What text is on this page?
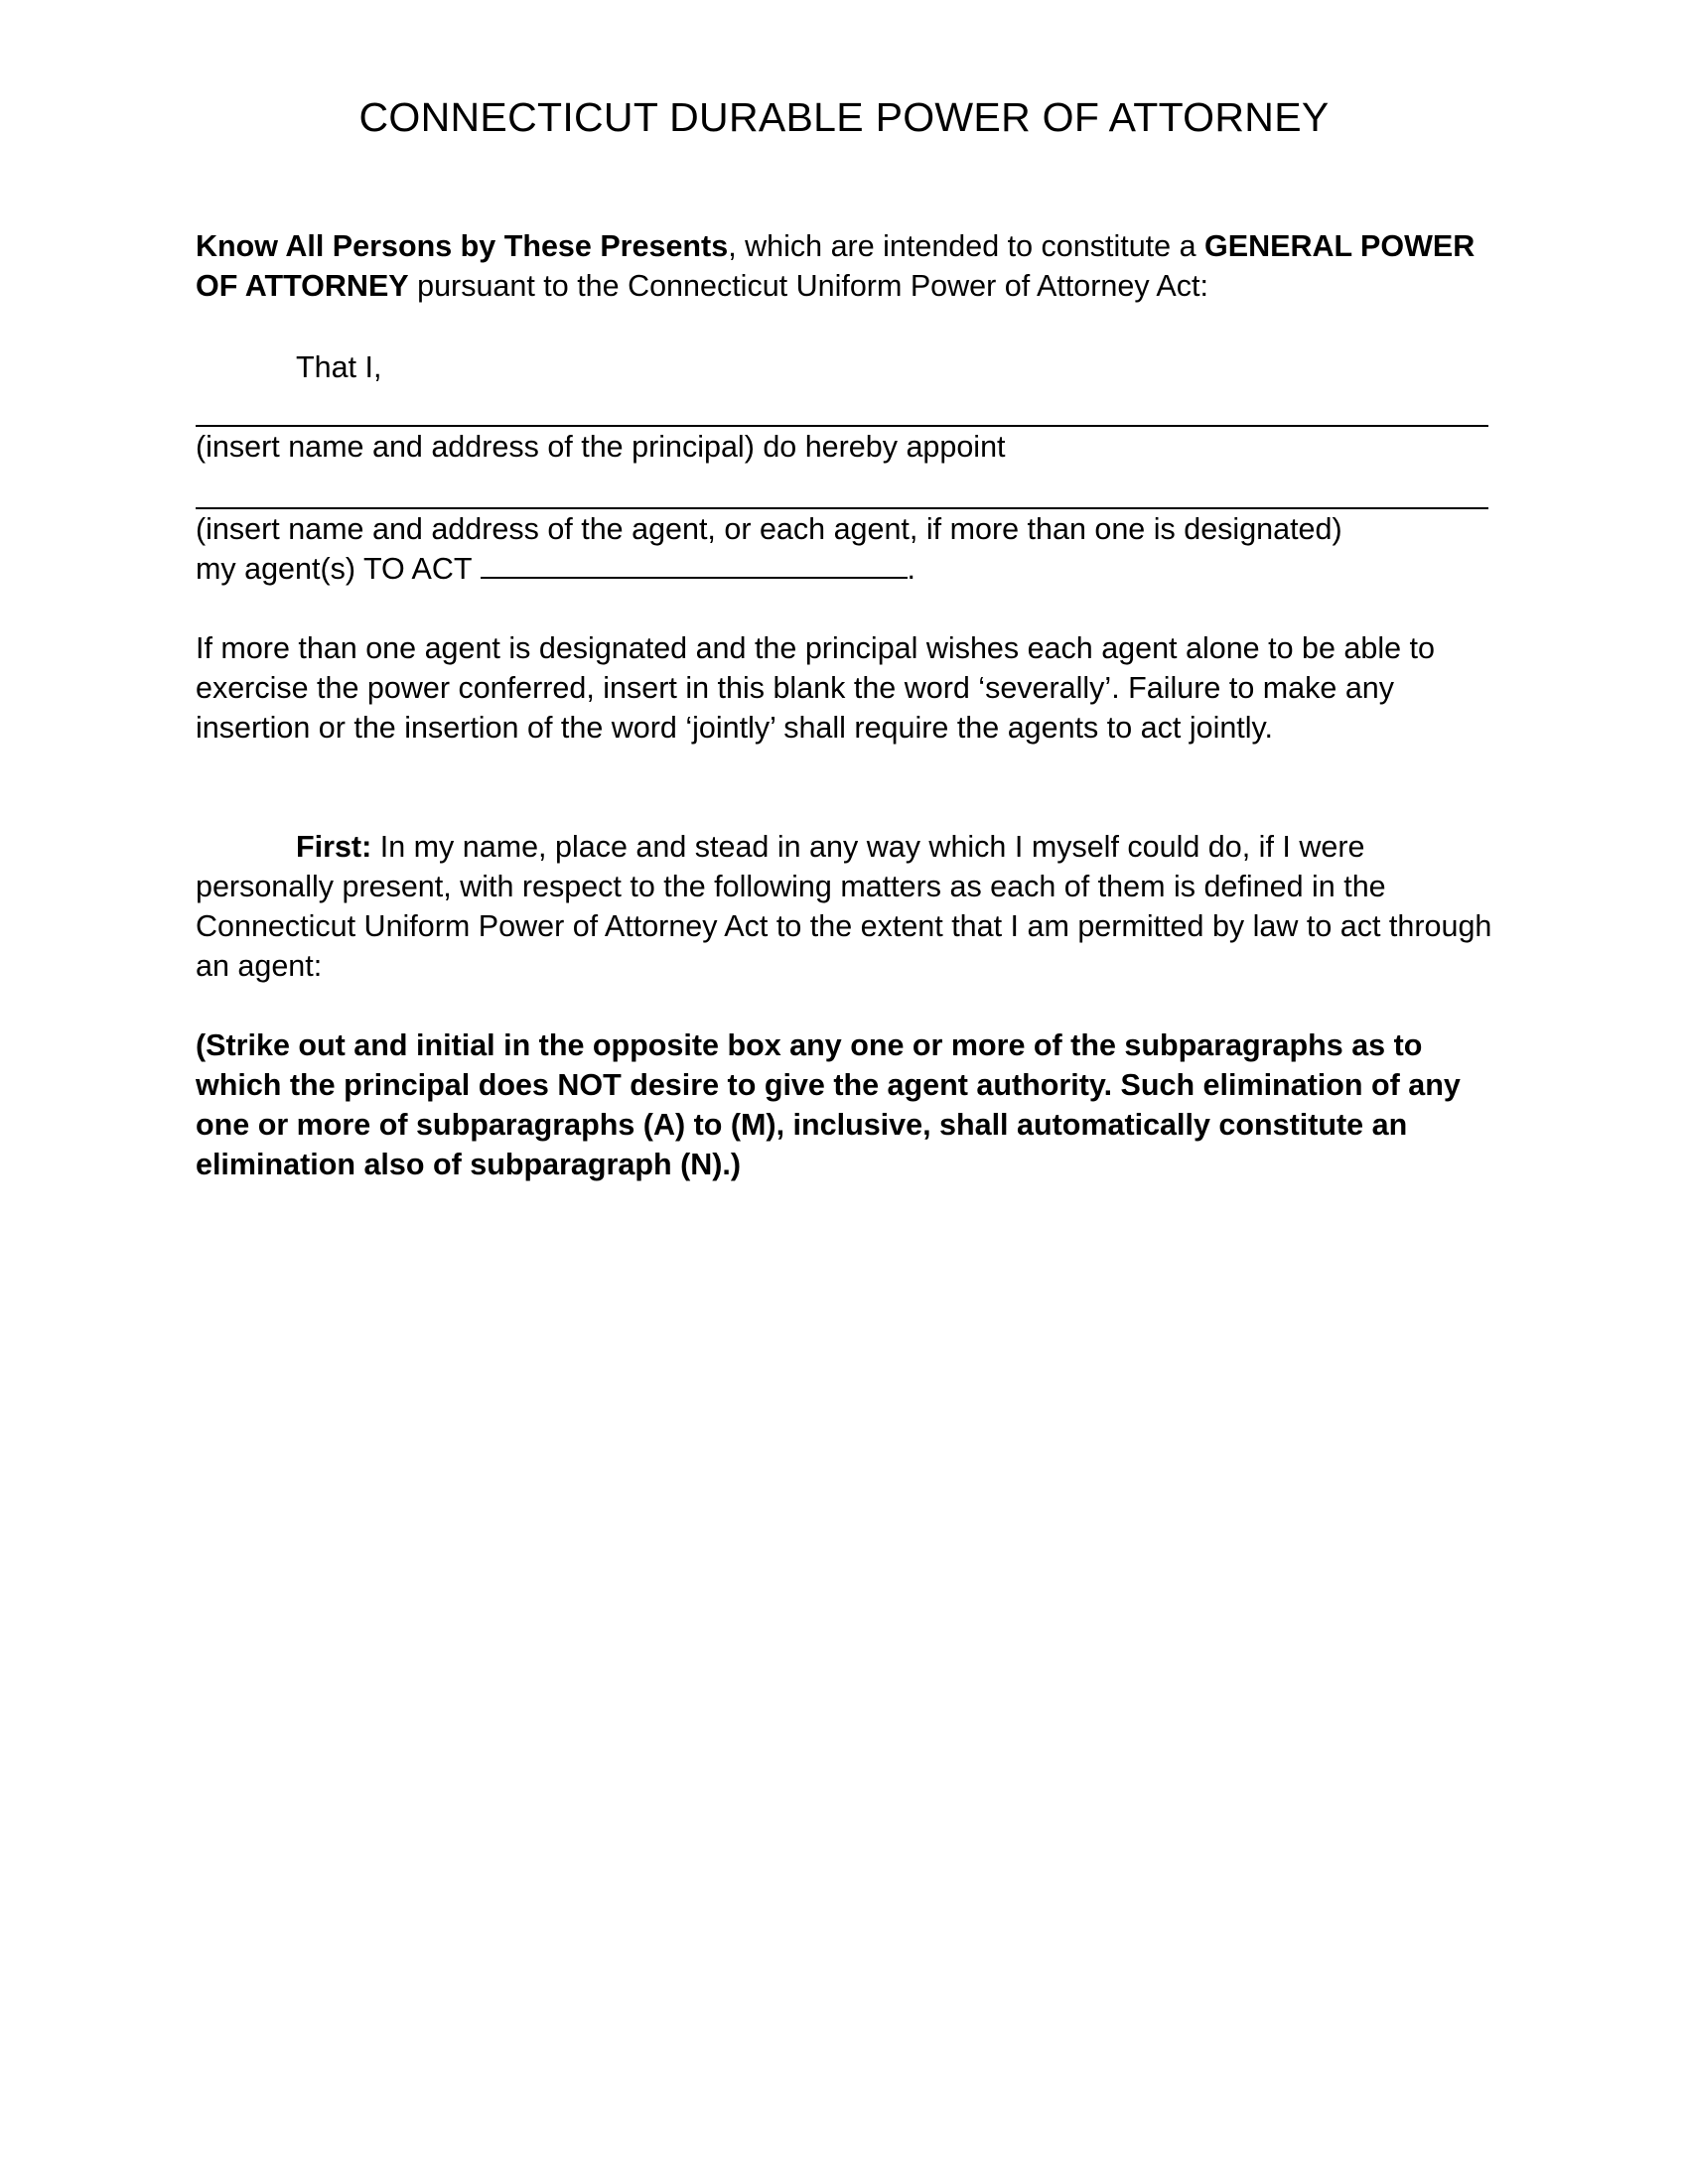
CONNECTICUT DURABLE POWER OF ATTORNEY
Know All Persons by These Presents, which are intended to constitute a GENERAL POWER OF ATTORNEY pursuant to the Connecticut Uniform Power of Attorney Act:
That I,
(insert name and address of the principal) do hereby appoint
(insert name and address of the agent, or each agent, if more than one is designated)
my agent(s) TO ACT	.
If more than one agent is designated and the principal wishes each agent alone to be able to exercise the power conferred, insert in this blank the word ‘severally’. Failure to make any insertion or the insertion of the word ‘jointly’ shall require the agents to act jointly.
First: In my name, place and stead in any way which I myself could do, if I were personally present, with respect to the following matters as each of them is defined in the Connecticut Uniform Power of Attorney Act to the extent that I am permitted by law to act through an agent:
(Strike out and initial in the opposite box any one or more of the subparagraphs as to which the principal does NOT desire to give the agent authority. Such elimination of any one or more of subparagraphs (A) to (M), inclusive, shall automatically constitute an elimination also of subparagraph (N).)
